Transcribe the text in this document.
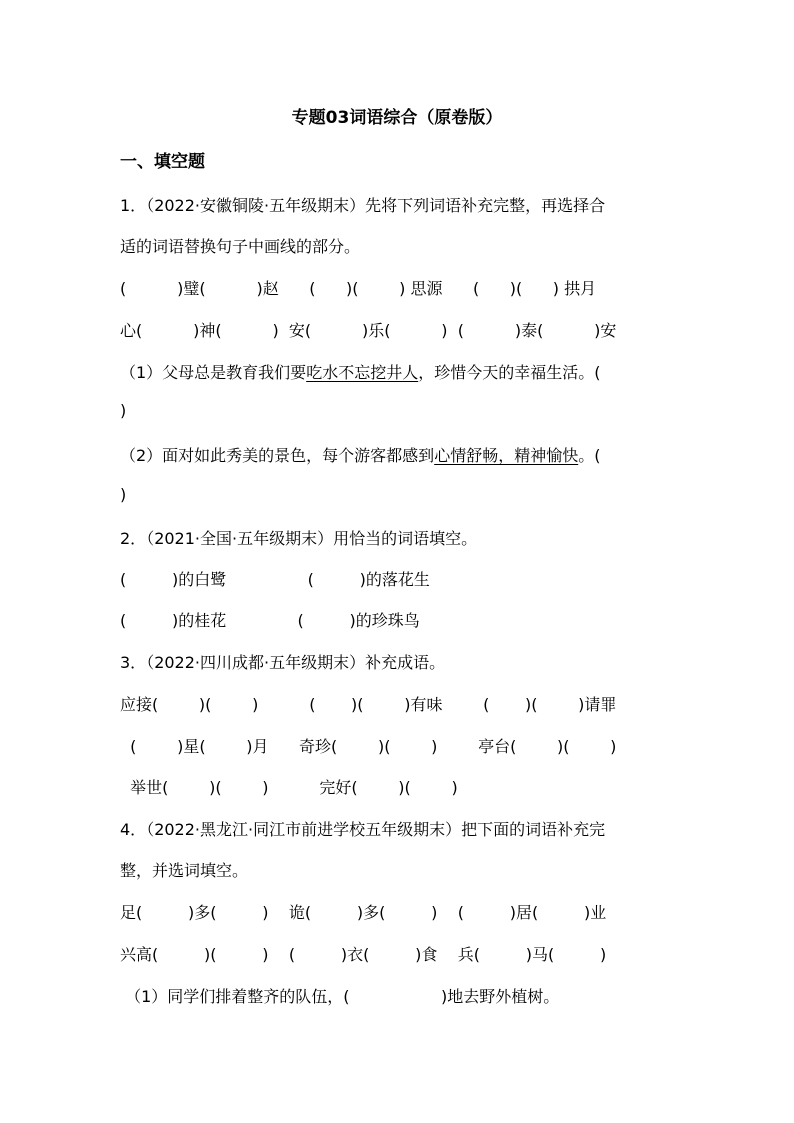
专题03词语综合（原卷版）
一、填空题
1．（2022·安徽铜陵·五年级期末）先将下列词语补充完整，再选择合
适的词语替换句子中画线的部分。
(          )璧(          )赵      (      )(        ) 思源      (      )(      ) 拱月
心(          )神(          )  安(          )乐(          )  (          )泰(          )安
（1）父母总是教育我们要吃水不忘挖井人，珍惜今天的幸福生活。(
)
（2）面对如此秀美的景色，每个游客都感到心情舒畅，精神愉快。(
)
2．（2021·全国·五年级期末）用恰当的词语填空。
(         )的白鹭                (         )的落花生
(         )的桂花              (         )的珍珠鸟
3．（2022·四川成都·五年级期末）补充成语。
应接(        )(        )          (       )(        )有味        (       )(        )请罪
(        )星(        )月      奇珍(        )(        )        亭台(        )(        )
举世(        )(        )          完好(        )(        )
4．（2022·黑龙江·同江市前进学校五年级期末）把下面的词语补充完
整，并选词填空。
足(         )多(         )    诡(         )多(         )    (         )居(         )业
兴高(         )(         )    (         )衣(         )食    兵(         )马(         )
（1）同学们排着整齐的队伍，(                  )地去野外植树。
